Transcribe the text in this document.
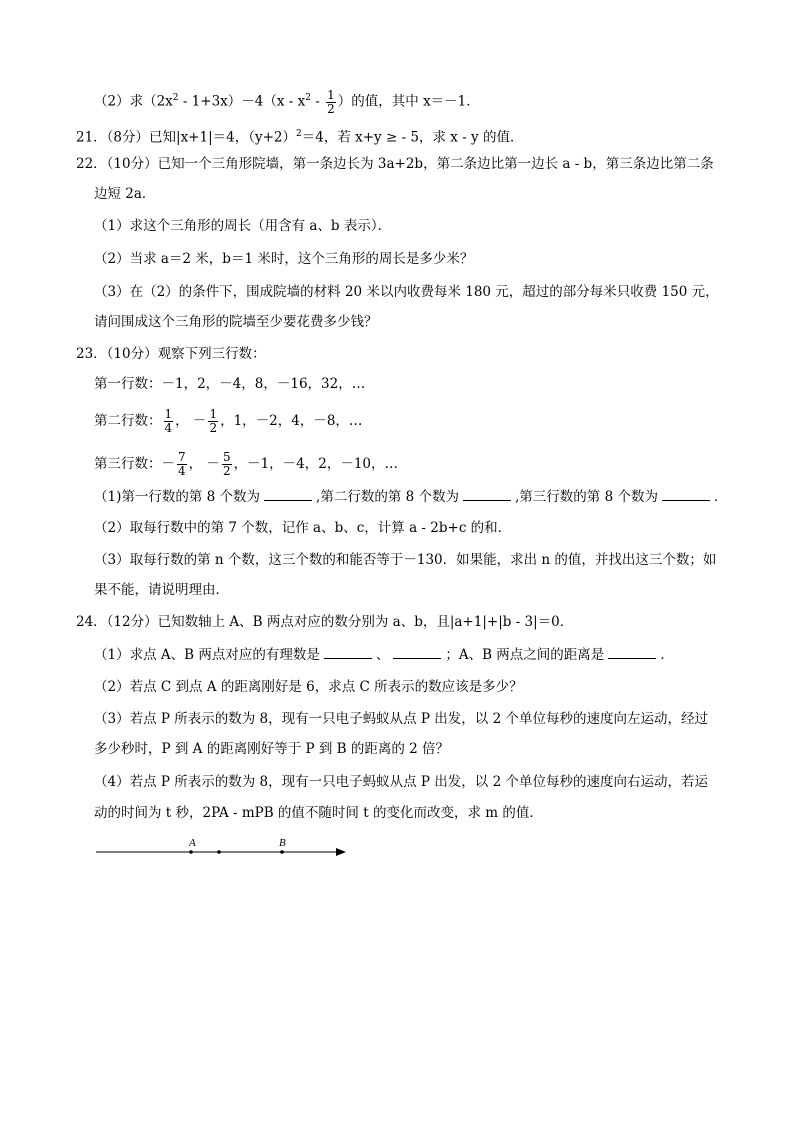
（2）求$(2x^2 - 1+3x)-4(x - x^2 - \frac{1}{2}$ ）的值，其中 x＝－1．
21．（8分）已知|x+1|＝4，$(y+2)^2=4$，若 x+y ≥ - 5，求 x - y 的值．
22．（10分）已知一个三角形院墙，第一条边长为 3a+2b，第二条边比第一边长 a - b，第三条边比第二条
边短 2a．
（1）求这个三角形的周长（用含有 a、b 表示）．
（2）当求 a＝2 米，b＝1 米时，这个三角形的周长是多少米？
（3）在（2）的条件下，围成院墙的材料 20 米以内收费每米 180 元，超过的部分每米只收费 150 元，
请问围成这个三角形的院墙至少要花费多少钱？
23．（10分）观察下列三行数：
第一行数：－1，2，－4，8，－16，32，…
第二行数： $\frac{1}{4}$ ， － $\frac{1}{2}$ ，1，－2，4，－8，…
第三行数：－ $\frac{7}{4}$ ， － $\frac{5}{2}$ ，－1，－4，2，－10，…
（1)第一行数的第 8 个数为	,第二行数的第 8 个数为	,第三行数的第 8 个数为	．
（2）取每行数中的第 7 个数，记作 a、b、c，计算 a - 2b+c 的和．
（3）取每行数的第 n 个数，这三个数的和能否等于－130．如果能，求出 n 的值，并找出这三个数；如
果不能，请说明理由．
24．（12分）已知数轴上 A、B 两点对应的数分别为 a、b，且|a+1|+|b - 3|＝0．
（1）求点 A、B 两点对应的有理数是	、	；A、B 两点之间的距离是	．
（2）若点 C 到点 A 的距离刚好是 6，求点 C 所表示的数应该是多少？
（3）若点 P 所表示的数为 8，现有一只电子蚂蚁从点 P 出发，以 2 个单位每秒的速度向左运动，经过
多少秒时，P 到 A 的距离刚好等于 P 到 B 的距离的 2 倍？
（4）若点 P 所表示的数为 8，现有一只电子蚂蚁从点 P 出发，以 2 个单位每秒的速度向右运动，若运
动的时间为 t 秒，2PA - mPB 的值不随时间 t 的变化而改变，求 m 的值．
A	B
